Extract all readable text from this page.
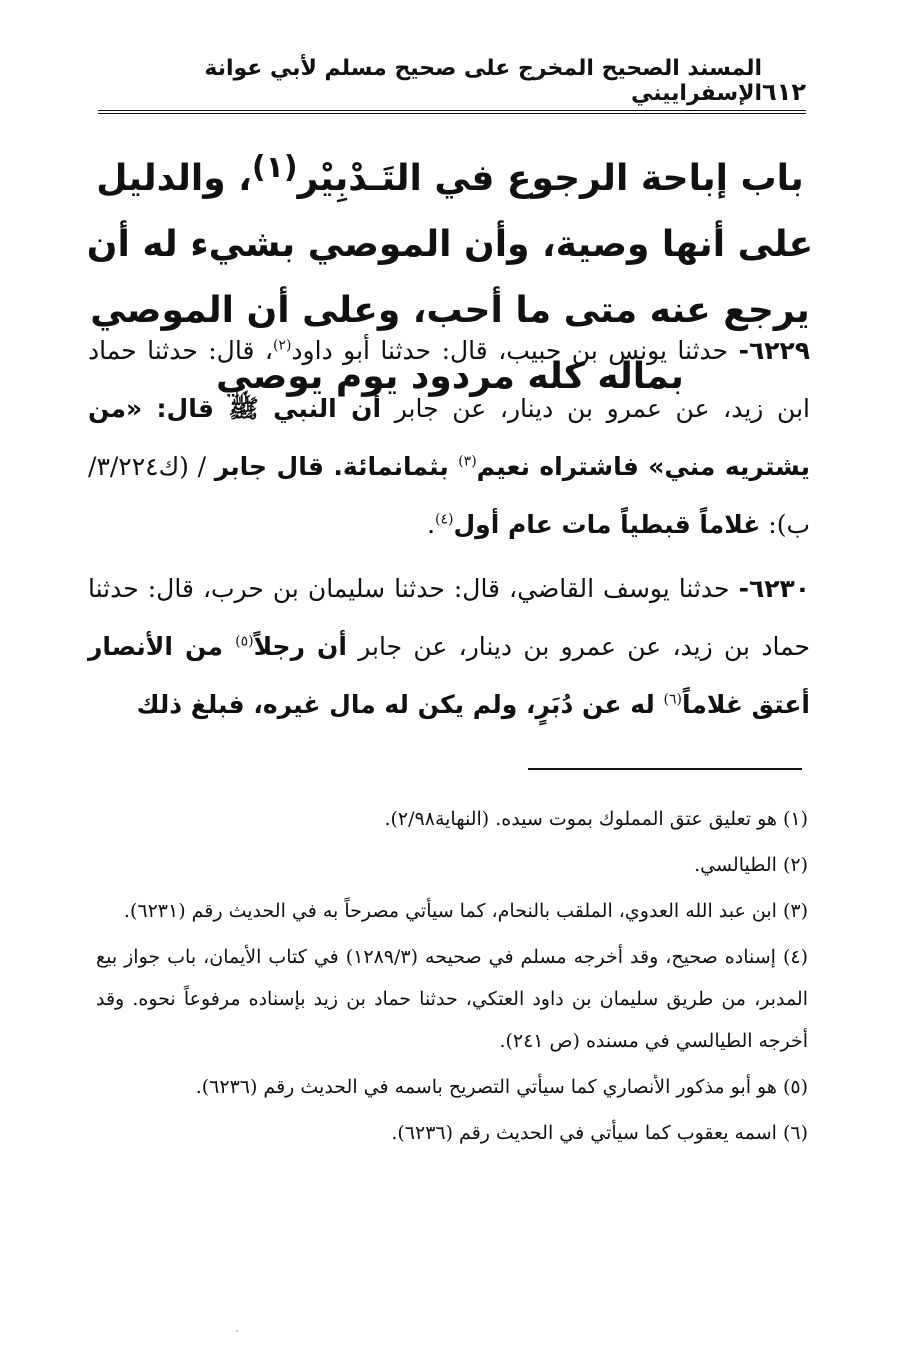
٦١٢
المسند الصحيح المخرج على صحيح مسلم لأبي عوانة الإسفراييني
باب إباحة الرجوع في التَـدْبِيْر$^{(١)}$، والدليل على أنها وصية، وأن الموصي بشيء له أن يرجع عنه متى ما أحب، وعلى أن الموصي بماله كله مردود يوم يوصي

٦٢٢٩- حدثنا يونس بن حبيب، قال: حدثنا أبو داود$^{(٢)}$، قال: حدثنا حماد ابن زيد، عن عمرو بن دينار، عن جابر أن النبي ﷺ قال: «من يشتريه مني» فاشتراه نعيم$^{(٣)}$ بثمانمائة. قال جابر / (ك٣/٢٢٤/ب): غلاماً قبطياً مات عام أول$^{(٤)}$.

٦٢٣٠- حدثنا يوسف القاضي، قال: حدثنا سليمان بن حرب، قال: حدثنا حماد بن زيد، عن عمرو بن دينار، عن جابر أن رجلاً$^{(٥)}$ من الأنصار أعتق غلاماً$^{(٦)}$ له عن دُبَرٍ، ولم يكن له مال غيره، فبلغ ذلك

(١) هو تعليق عتق المملوك بموت سيده. (النهاية٢/٩٨).
(٢) الطيالسي.
(٣) ابن عبد الله العدوي، الملقب بالنحام، كما سيأتي مصرحاً به في الحديث رقم (٦٢٣١).
(٤) إسناده صحيح، وقد أخرجه مسلم في صحيحه (١٢٨٩/٣) في كتاب الأيمان، باب جواز بيع المدبر، من طريق سليمان بن داود العتكي، حدثنا حماد بن زيد بإسناده مرفوعاً نحوه. وقد أخرجه الطيالسي في مسنده (ص ٢٤١).
(٥) هو أبو مذكور الأنصاري كما سيأتي التصريح باسمه في الحديث رقم (٦٢٣٦).
(٦) اسمه يعقوب كما سيأتي في الحديث رقم (٦٢٣٦).
